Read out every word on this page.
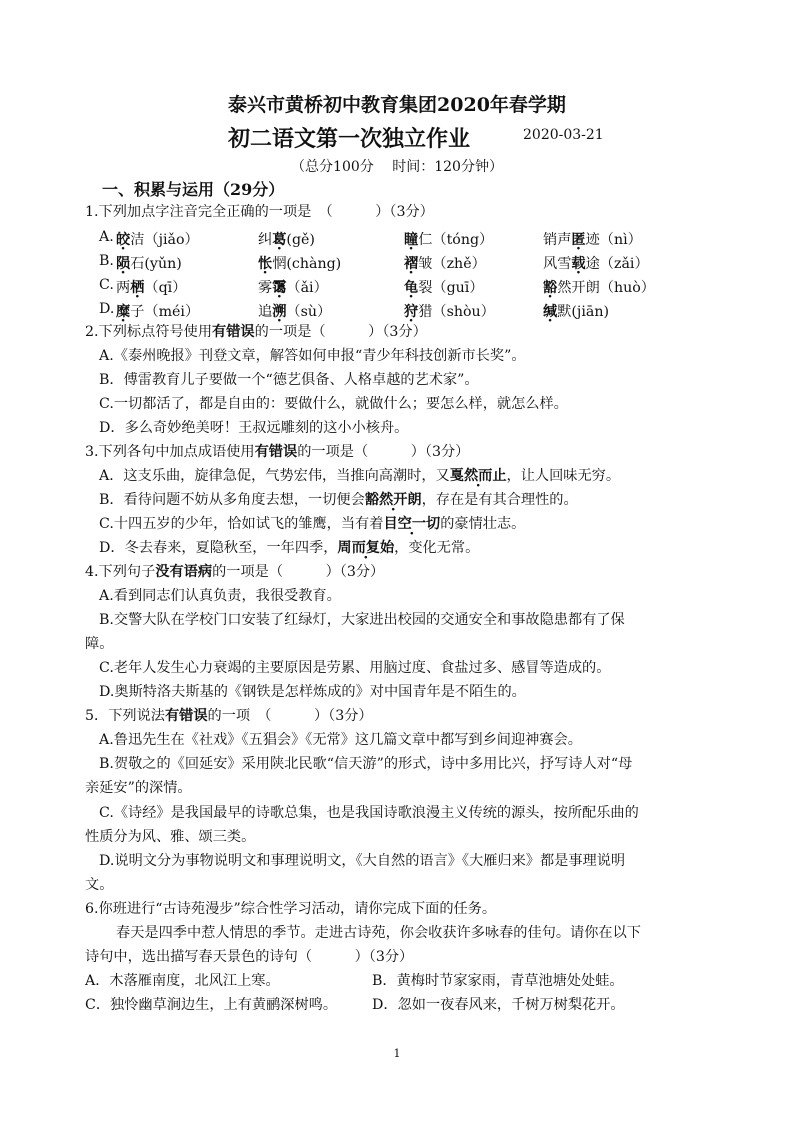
泰兴市黄桥初中教育集团2020年春学期
初二语文第一次独立作业	2020-03-21
（总分100分　 时间：120分钟）
一、积累与运用（29分）
1.下列加点字注音完全正确的一项是　（　　　）（3分）
A. 皎洁（jiǎo）	纠葛(gě)	瞳仁（tóng）	销声匿迹（nì）
B. 陨石(yǔn)	怅惘(chàng)	褶皱（zhě）	风雪载途（zǎi）
C. 两栖（qī）	雾霭（ǎi）	龟裂（guī）	豁然开朗（huò）
D. 糜子（méi）	追溯（sù）	狩猎（shòu）	缄默(jiān)
2.下列标点符号使用有错误的一项是（　　　）（3分）
A.《泰州晚报》刊登文章，解答如何申报“青少年科技创新市长奖”。
B．傅雷教育儿子要做一个“德艺俱备、人格卓越的艺术家”。
C.一切都活了，都是自由的：要做什么，就做什么；要怎么样，就怎么样。
D．多么奇妙绝美呀！王叔远雕刻的这小小核舟。
3.下列各句中加点成语使用有错误的一项是（　　　）（3分）
A．这支乐曲，旋律急促，气势宏伟，当推向高潮时，又戛然而止，让人回味无穷。
B．看待问题不妨从多角度去想，一切便会豁然开朗，存在是有其合理性的。
C.十四五岁的少年，恰如试飞的雏鹰，当有着目空一切的豪情壮志。
D．冬去春来，夏隐秋至，一年四季，周而复始，变化无常。
4.下列句子没有语病的一项是（　　　）（3分）
A.看到同志们认真负责，我很受教育。
B.交警大队在学校门口安装了红绿灯，大家进出校园的交通安全和事故隐患都有了保
障。
C.老年人发生心力衰竭的主要原因是劳累、用脑过度、食盐过多、感冒等造成的。
D.奥斯特洛夫斯基的《钢铁是怎样炼成的》对中国青年是不陌生的。
5．下列说法有错误的一项　（　　　）（3分）
A.鲁迅先生在《社戏》《五猖会》《无常》这几篇文章中都写到乡间迎神赛会。
B.贺敬之的《回延安》采用陕北民歌“信天游”的形式，诗中多用比兴，抒写诗人对“母
亲延安”的深情。
C.《诗经》是我国最早的诗歌总集，也是我国诗歌浪漫主义传统的源头，按所配乐曲的
性质分为风、雅、颂三类。
D.说明文分为事物说明文和事理说明文，《大自然的语言》《大雁归来》都是事理说明
文。
6.你班进行“古诗苑漫步”综合性学习活动，请你完成下面的任务。
春天是四季中惹人情思的季节。走进古诗苑，你会收获许多咏春的佳句。请你在以下
诗句中，选出描写春天景色的诗句（　　　）（3分）
A．木落雁南度，北风江上寒。	B．黄梅时节家家雨，青草池塘处处蛙。
C．独怜幽草涧边生，上有黄鹂深树鸣。 D．忽如一夜春风来，千树万树梨花开。
1
